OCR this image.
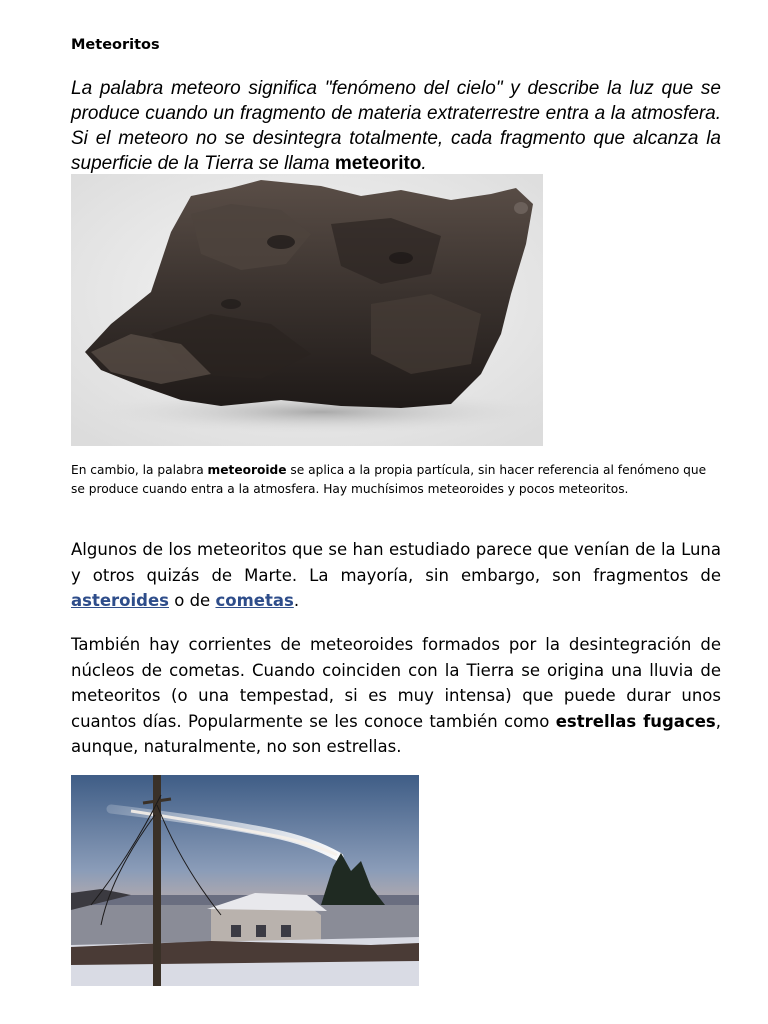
Meteoritos

La palabra meteoro significa "fenómeno del cielo" y describe la luz que se produce cuando un fragmento de materia extraterrestre entra a la atmosfera. Si el meteoro no se desintegra totalmente, cada fragmento que alcanza la superficie de la Tierra se llama meteorito.

En cambio, la palabra meteoroide se aplica a la propia partícula, sin hacer referencia al fenómeno que se produce cuando entra a la atmosfera. Hay muchísimos meteoroides y pocos meteoritos.

Algunos de los meteoritos que se han estudiado parece que venían de la Luna y otros quizás de Marte. La mayoría, sin embargo, son fragmentos de asteroides o de cometas.

También hay corrientes de meteoroides formados por la desintegración de núcleos de cometas. Cuando coinciden con la Tierra se origina una lluvia de meteoritos (o una tempestad, si es muy intensa) que puede durar unos cuantos días. Popularmente se les conoce también como estrellas fugaces, aunque, naturalmente, no son estrellas.
